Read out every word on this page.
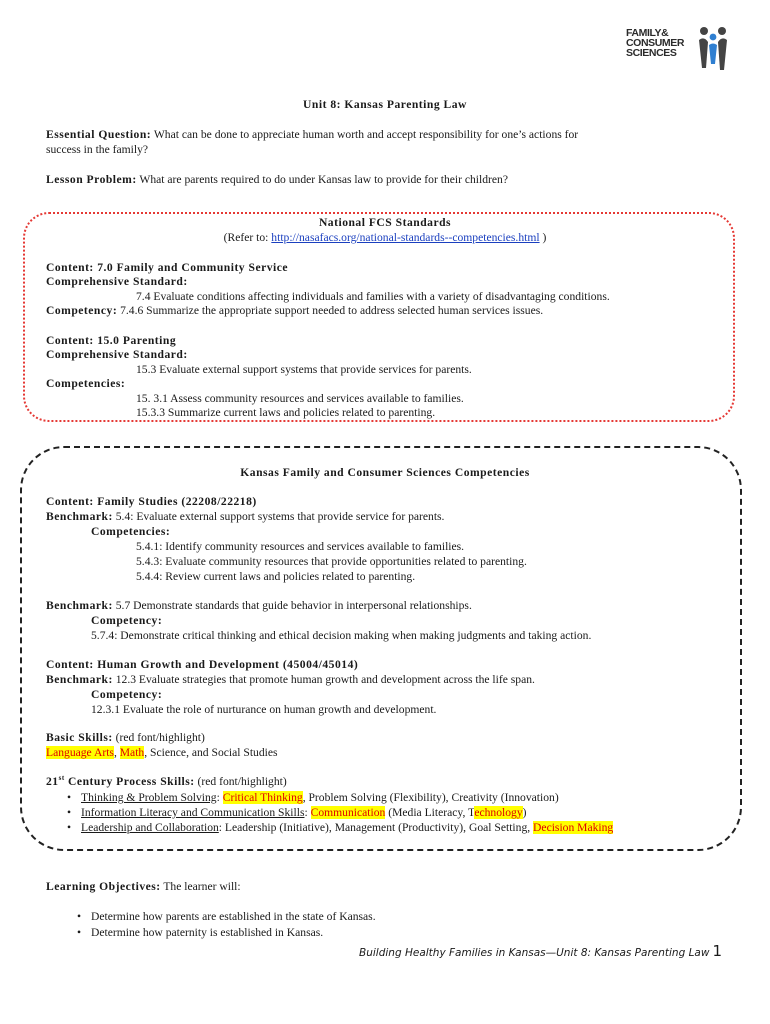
FAMILY&
CONSUMER
SCIENCES
Unit 8: Kansas Parenting Law
Essential Question: What can be done to appreciate human worth and accept responsibility for one’s actions for
success in the family?
Lesson Problem: What are parents required to do under Kansas law to provide for their children?
National FCS Standards
(Refer to: http://nasafacs.org/national-standards--competencies.html )
Content: 7.0 Family and Community Service
Comprehensive Standard:
7.4 Evaluate conditions affecting individuals and families with a variety of disadvantaging conditions.
Competency: 7.4.6 Summarize the appropriate support needed to address selected human services issues.
Content: 15.0 Parenting
Comprehensive Standard:
15.3 Evaluate external support systems that provide services for parents.
Competencies:
15. 3.1 Assess community resources and services available to families.
15.3.3 Summarize current laws and policies related to parenting.
Kansas Family and Consumer Sciences Competencies
Content: Family Studies (22208/22218)
Benchmark: 5.4: Evaluate external support systems that provide service for parents.
Competencies:
5.4.1: Identify community resources and services available to families.
5.4.3: Evaluate community resources that provide opportunities related to parenting.
5.4.4: Review current laws and policies related to parenting.
Benchmark: 5.7 Demonstrate standards that guide behavior in interpersonal relationships.
Competency:
5.7.4: Demonstrate critical thinking and ethical decision making when making judgments and taking action.
Content: Human Growth and Development (45004/45014)
Benchmark: 12.3 Evaluate strategies that promote human growth and development across the life span.
Competency:
12.3.1 Evaluate the role of nurturance on human growth and development.
Basic Skills: (red font/highlight)
Language Arts, Math, Science, and Social Studies
21st Century Process Skills: (red font/highlight)
• Thinking & Problem Solving: Critical Thinking, Problem Solving (Flexibility), Creativity (Innovation)
• Information Literacy and Communication Skills: Communication (Media Literacy, Technology)
• Leadership and Collaboration: Leadership (Initiative), Management (Productivity), Goal Setting, Decision Making
Learning Objectives: The learner will:
• Determine how parents are established in the state of Kansas.
• Determine how paternity is established in Kansas.
Building Healthy Families in Kansas—Unit 8: Kansas Parenting Law 1
